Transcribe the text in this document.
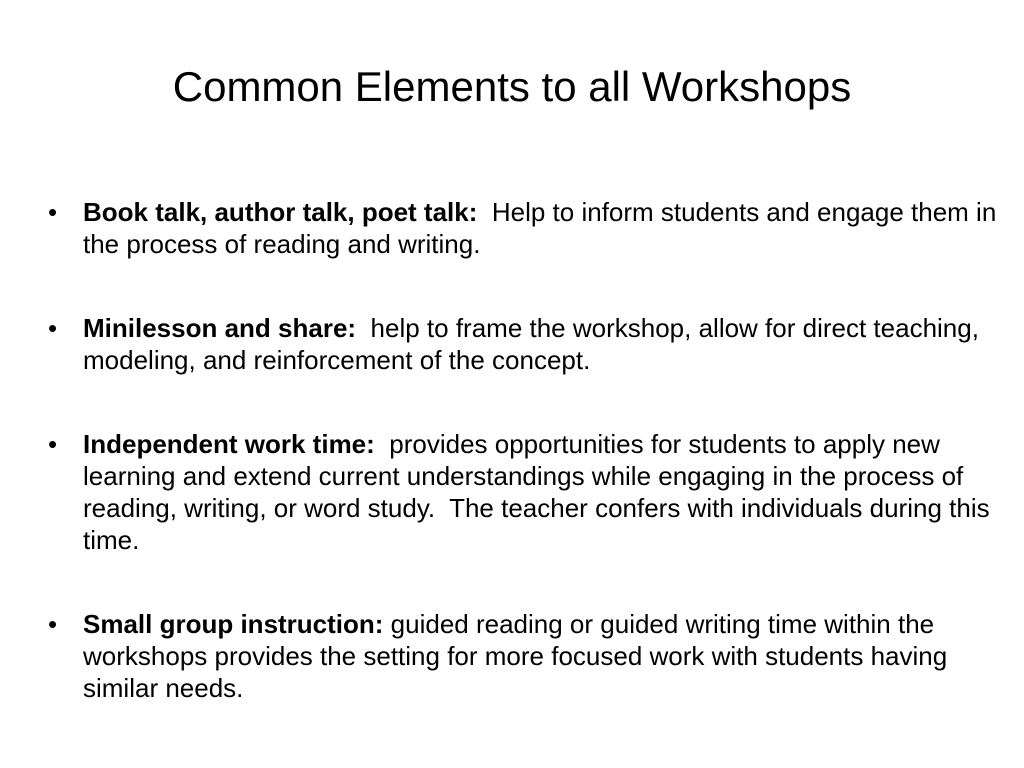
Common Elements to all Workshops
• Book talk, author talk, poet talk:  Help to inform students and engage them in the process of reading and writing.
• Minilesson and share:  help to frame the workshop, allow for direct teaching, modeling, and reinforcement of the concept.
• Independent work time:  provides opportunities for students to apply new learning and extend current understandings while engaging in the process of reading, writing, or word study.  The teacher confers with individuals during this time.
• Small group instruction: guided reading or guided writing time within the workshops provides the setting for more focused work with students having similar needs.
